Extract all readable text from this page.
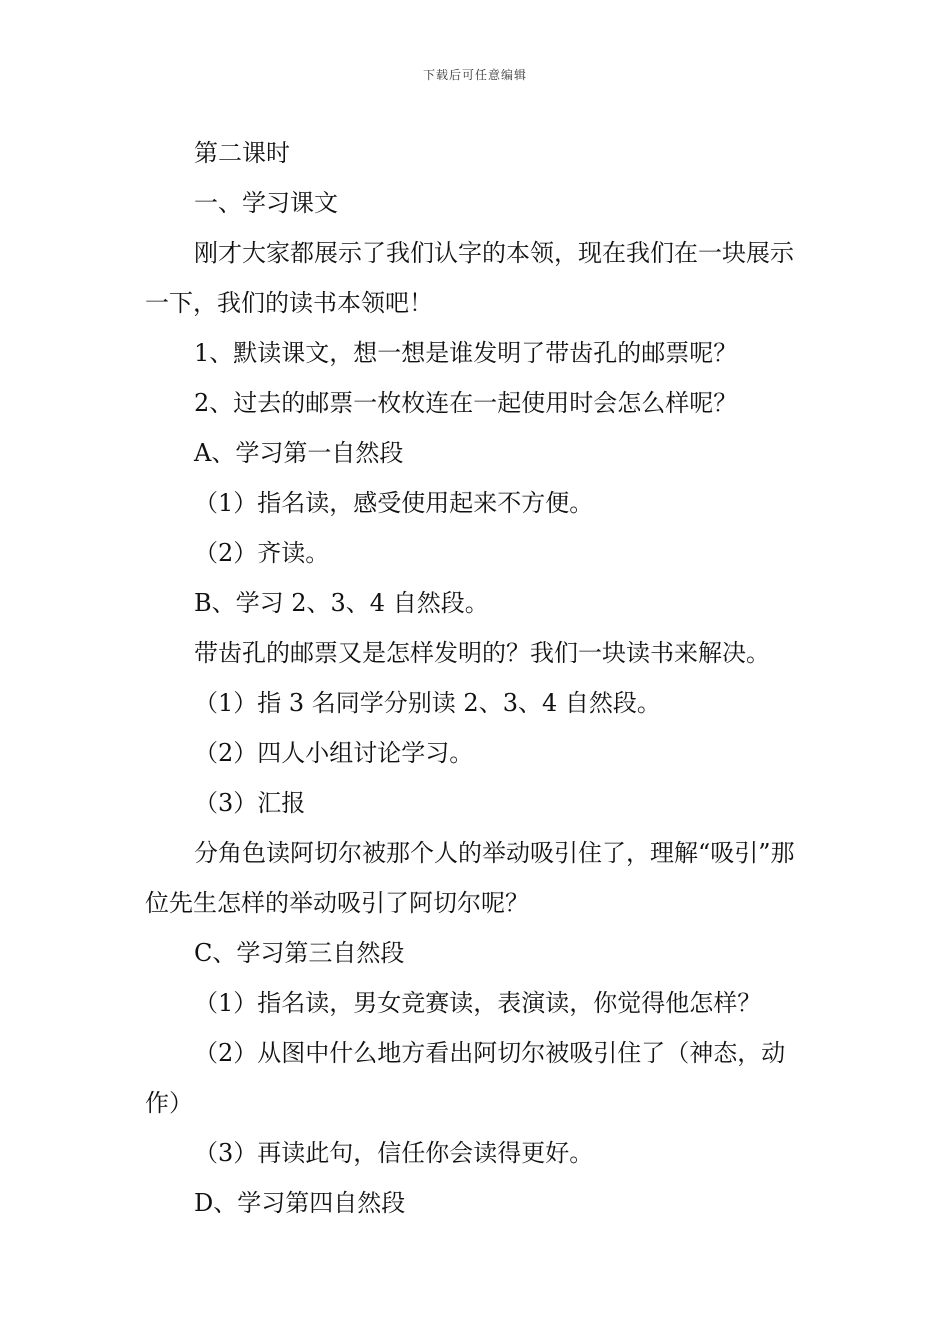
下载后可任意编辑

第二课时

一、学习课文

刚才大家都展示了我们认字的本领，现在我们在一块展示一下，我们的读书本领吧！

1、默读课文，想一想是谁发明了带齿孔的邮票呢？

2、过去的邮票一枚枚连在一起使用时会怎么样呢？

A、学习第一自然段

（1）指名读，感受使用起来不方便。

（2）齐读。

B、学习 2、3、4 自然段。

带齿孔的邮票又是怎样发明的？我们一块读书来解决。

（1）指 3 名同学分别读 2、3、4 自然段。

（2）四人小组讨论学习。

（3）汇报

分角色读阿切尔被那个人的举动吸引住了，理解“吸引”那位先生怎样的举动吸引了阿切尔呢？

C、学习第三自然段

（1）指名读，男女竞赛读，表演读，你觉得他怎样？

（2）从图中什么地方看出阿切尔被吸引住了（神态，动作）

（3）再读此句，信任你会读得更好。

D、学习第四自然段
